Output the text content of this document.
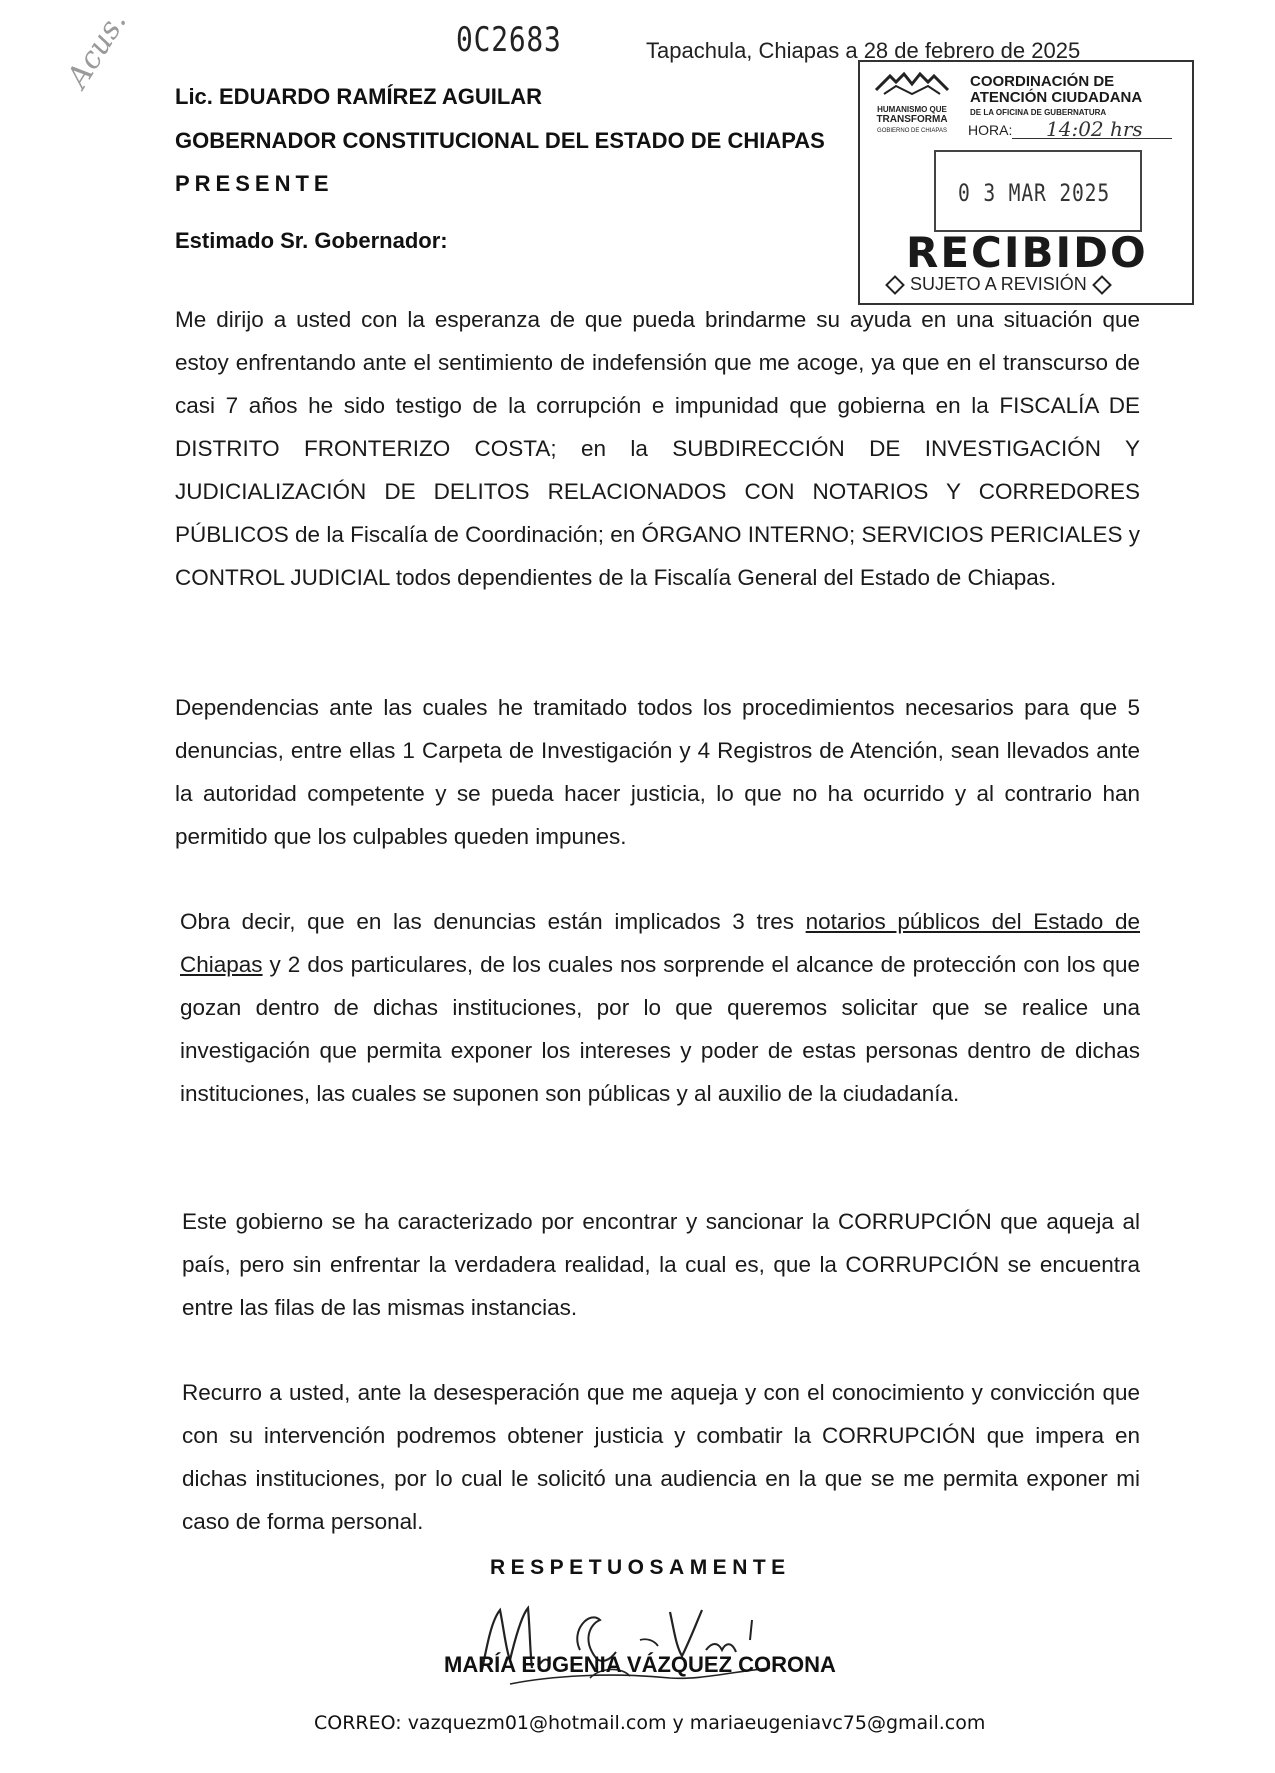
Acus.	0C2683	Tapachula, Chiapas a 28 de febrero de 2025
Lic. EDUARDO RAMÍREZ AGUILAR
GOBERNADOR CONSTITUCIONAL DEL ESTADO DE CHIAPAS
PRESENTE
HUMANISMO QUE
TRANSFORMA
GOBIERNO DE CHIAPAS
COORDINACIÓN DE
ATENCIÓN CIUDADANA
DE LA OFICINA DE GUBERNATURA
HORA: 14:02 hrs
0 3 MAR 2025
RECIBIDO
SUJETO A REVISIÓN
Estimado Sr. Gobernador:
Me dirijo a usted con la esperanza de que pueda brindarme su ayuda en una situación que estoy enfrentando ante el sentimiento de indefensión que me acoge, ya que en el transcurso de casi 7 años he sido testigo de la corrupción e impunidad que gobierna en la FISCALÍA DE DISTRITO FRONTERIZO COSTA; en la SUBDIRECCIÓN DE INVESTIGACIÓN Y JUDICIALIZACIÓN DE DELITOS RELACIONADOS CON NOTARIOS Y CORREDORES PÚBLICOS de la Fiscalía de Coordinación; en ÓRGANO INTERNO; SERVICIOS PERICIALES y CONTROL JUDICIAL todos dependientes de la Fiscalía General del Estado de Chiapas.
Dependencias ante las cuales he tramitado todos los procedimientos necesarios para que 5 denuncias, entre ellas 1 Carpeta de Investigación y 4 Registros de Atención, sean llevados ante la autoridad competente y se pueda hacer justicia, lo que no ha ocurrido y al contrario han permitido que los culpables queden impunes.
Obra decir, que en las denuncias están implicados 3 tres notarios públicos del Estado de Chiapas y 2 dos particulares, de los cuales nos sorprende el alcance de protección con los que gozan dentro de dichas instituciones, por lo que queremos solicitar que se realice una investigación que permita exponer los intereses y poder de estas personas dentro de dichas instituciones, las cuales se suponen son públicas y al auxilio de la ciudadanía.
Este gobierno se ha caracterizado por encontrar y sancionar la CORRUPCIÓN que aqueja al país, pero sin enfrentar la verdadera realidad, la cual es, que la CORRUPCIÓN se encuentra entre las filas de las mismas instancias.
Recurro a usted, ante la desesperación que me aqueja y con el conocimiento y convicción que con su intervención podremos obtener justicia y combatir la CORRUPCIÓN que impera en dichas instituciones, por lo cual le solicitó una audiencia en la que se me permita exponer mi caso de forma personal.
RESPETUOSAMENTE
MARÍA EUGENIA VÁZQUEZ CORONA
CORREO: vazquezm01@hotmail.com y mariaeugeniavc75@gmail.com
